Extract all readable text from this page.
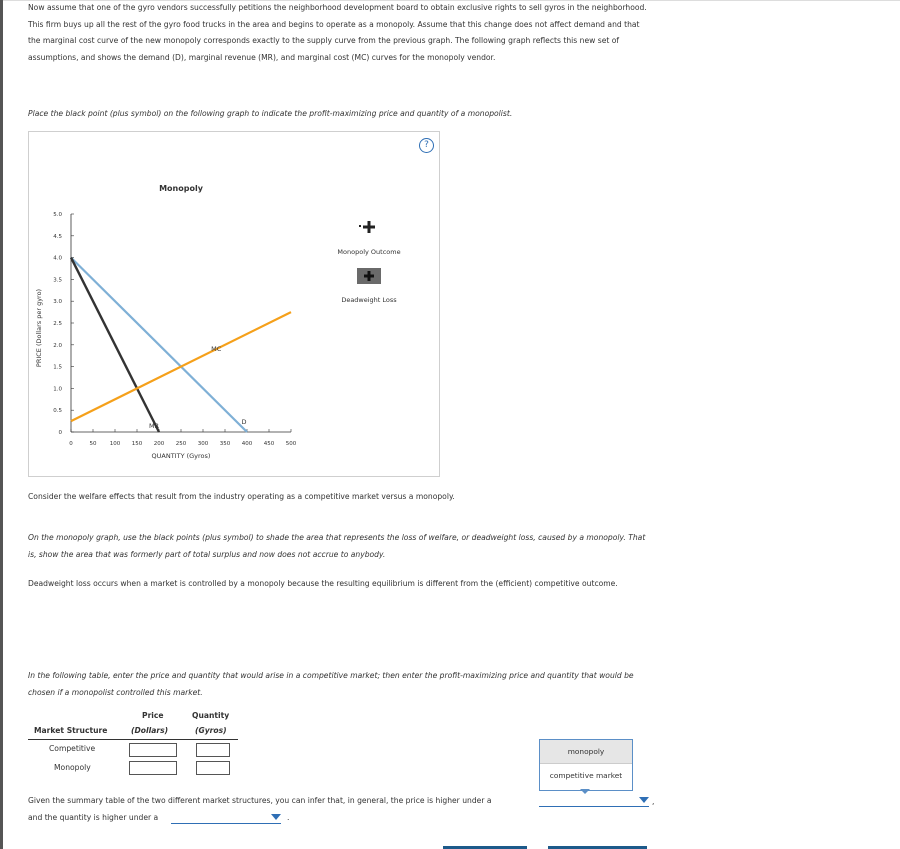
Now assume that one of the gyro vendors successfully petitions the neighborhood development board to obtain exclusive rights to sell gyros in the neighborhood. This firm buys up all the rest of the gyro food trucks in the area and begins to operate as a monopoly. Assume that this change does not affect demand and that the marginal cost curve of the new monopoly corresponds exactly to the supply curve from the previous graph. The following graph reflects this new set of assumptions, and shows the demand (D), marginal revenue (MR), and marginal cost (MC) curves for the monopoly vendor.

Place the black point (plus symbol) on the following graph to indicate the profit-maximizing price and quantity of a monopolist.

?
0	50 100 150 200 250 300 350 400 450 500
0
0.5
1.0
1.5
2.0
2.5
3.0
3.5
4.0
4.5
5.0
D
MR
MC
Monopoly
PRICE (Dollars per gyro)
QUANTITY (Gyros)
Monopoly Outcome
Deadweight Loss

Consider the welfare effects that result from the industry operating as a competitive market versus a monopoly.

On the monopoly graph, use the black points (plus symbol) to shade the area that represents the loss of welfare, or deadweight loss, caused by a monopoly. That is, show the area that was formerly part of total surplus and now does not accrue to anybody.

Deadweight loss occurs when a market is controlled by a monopoly because the resulting equilibrium is different from the (efficient) competitive outcome.

In the following table, enter the price and quantity that would arise in a competitive market; then enter the profit-maximizing price and quantity that would be chosen if a monopolist controlled this market.

Price	Quantity
Market Structure	(Dollars)	(Gyros)
Competitive
Monopoly
monopoly
competitive market
Given the summary table of the two different market structures, you can infer that, in general, the price is higher under a	,
and the quantity is higher under a	.
